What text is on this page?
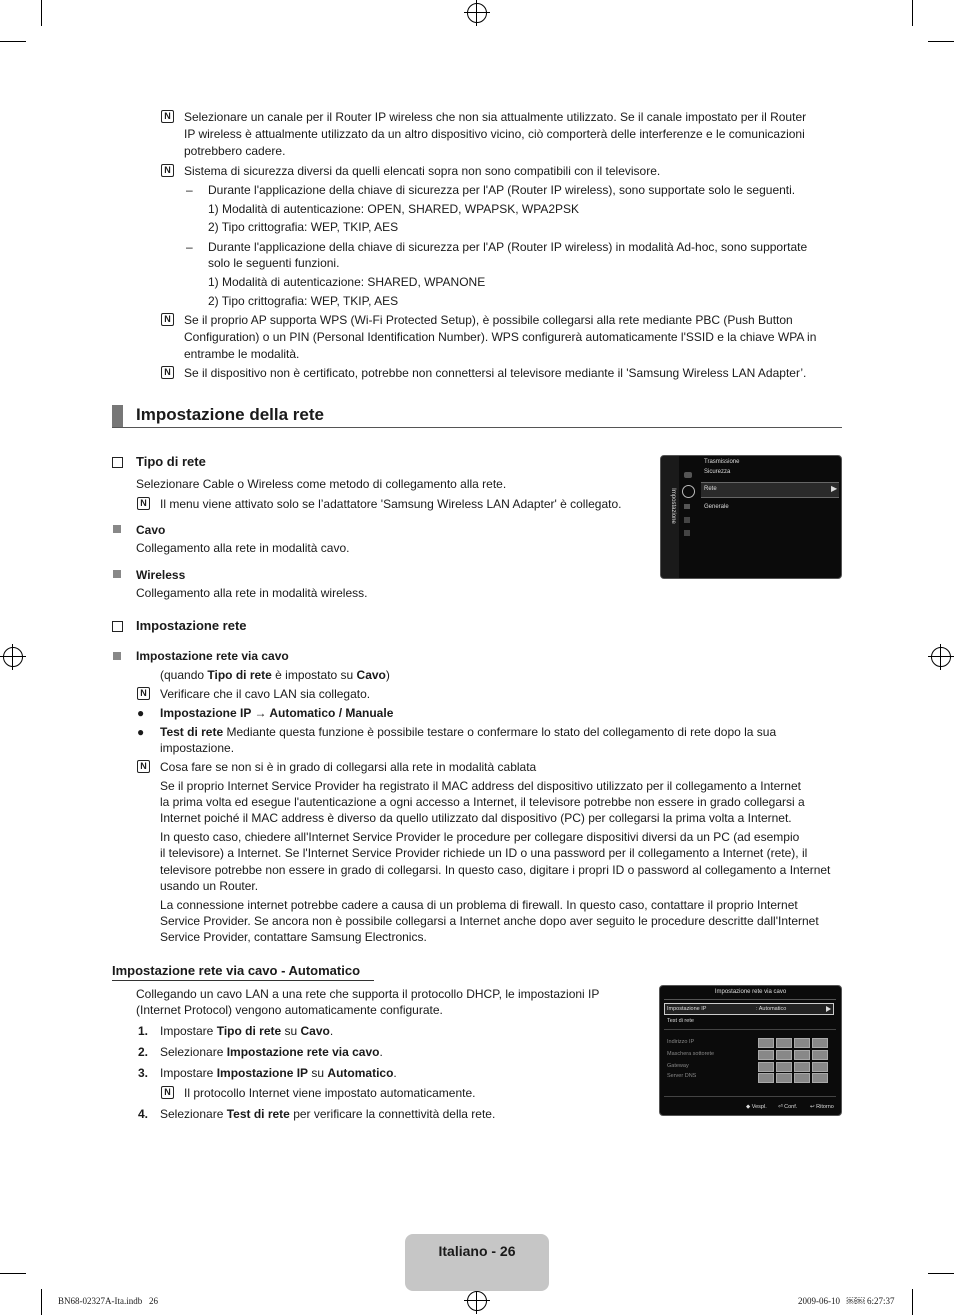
N Selezionare un canale per il Router IP wireless che non sia attualmente utilizzato. Se il canale impostato per il Router
IP wireless è attualmente utilizzato da un altro dispositivo vicino, ciò comporterà delle interferenze e le comunicazioni
potrebbero cadere.
N Sistema di sicurezza diversi da quelli elencati sopra non sono compatibili con il televisore.
– Durante l'applicazione della chiave di sicurezza per l'AP (Router IP wireless), sono supportate solo le seguenti.
1) Modalità di autenticazione: OPEN, SHARED, WPAPSK, WPA2PSK
2) Tipo crittografia: WEP, TKIP, AES
– Durante l'applicazione della chiave di sicurezza per l'AP (Router IP wireless) in modalità Ad-hoc, sono supportate
solo le seguenti funzioni.
1) Modalità di autenticazione: SHARED, WPANONE
2) Tipo crittografia: WEP, TKIP, AES
N Se il proprio AP supporta WPS (Wi-Fi Protected Setup), è possibile collegarsi alla rete mediante PBC (Push Button
Configuration) o un PIN (Personal Identification Number). WPS configurerà automaticamente l'SSID e la chiave WPA in
entrambe le modalità.
N Se il dispositivo non è certificato, potrebbe non connettersi al televisore mediante il 'Samsung Wireless LAN Adapter’.
Impostazione della rete
Tipo di rete
Selezionare Cable o Wireless come metodo di collegamento alla rete.
N Il menu viene attivato solo se l’adattatore 'Samsung Wireless LAN Adapter' è collegato.
Cavo
Collegamento alla rete in modalità cavo.
Wireless
Collegamento alla rete in modalità wireless.
Impostazione
Trasmissione
Sicurezza
Rete	▶
Generale
Impostazione rete
Impostazione rete via cavo
(quando Tipo di rete è impostato su Cavo)
N Verificare che il cavo LAN sia collegato.
● Impostazione IP → Automatico / Manuale
● Test di rete Mediante questa funzione è possibile testare o confermare lo stato del collegamento di rete dopo la sua
impostazione.
N Cosa fare se non si è in grado di collegarsi alla rete in modalità cablata
Se il proprio Internet Service Provider ha registrato il MAC address del dispositivo utilizzato per il collegamento a Internet
la prima volta ed esegue l'autenticazione a ogni accesso a Internet, il televisore potrebbe non essere in grado collegarsi a
Internet poiché il MAC address è diverso da quello utilizzato dal dispositivo (PC) per collegarsi la prima volta a Internet.
In questo caso, chiedere all'Internet Service Provider le procedure per collegare dispositivi diversi da un PC (ad esempio
il televisore) a Internet. Se l'Internet Service Provider richiede un ID o una password per il collegamento a Internet (rete), il
televisore potrebbe non essere in grado di collegarsi. In questo caso, digitare i propri ID o password al collegamento a Internet
usando un Router.
La connessione internet potrebbe cadere a causa di un problema di firewall. In questo caso, contattare il proprio Internet
Service Provider. Se ancora non è possibile collegarsi a Internet anche dopo aver seguito le procedure descritte dall'Internet
Service Provider, contattare Samsung Electronics.
Impostazione rete via cavo - Automatico
Collegando un cavo LAN a una rete che supporta il protocollo DHCP, le impostazioni IP
(Internet Protocol) vengono automaticamente configurate.
1. Impostare Tipo di rete su Cavo.
2. Selezionare Impostazione rete via cavo.
3. Impostare Impostazione IP su Automatico.
N Il protocollo Internet viene impostato automaticamente.
4. Selezionare Test di rete per verificare la connettività della rete.
Impostazione rete via cavo
Impostazione IP	: Automatico
Test di rete
Indirizzo IP
Maschera sottorete
Gateway
Server DNS
◆ Vespl. ⏎ Conf. ↩ Ritorno
Italiano - 26
BN68-02327A-Ita.indb   26	2009-06-10   ￼￼ 6:27:37
